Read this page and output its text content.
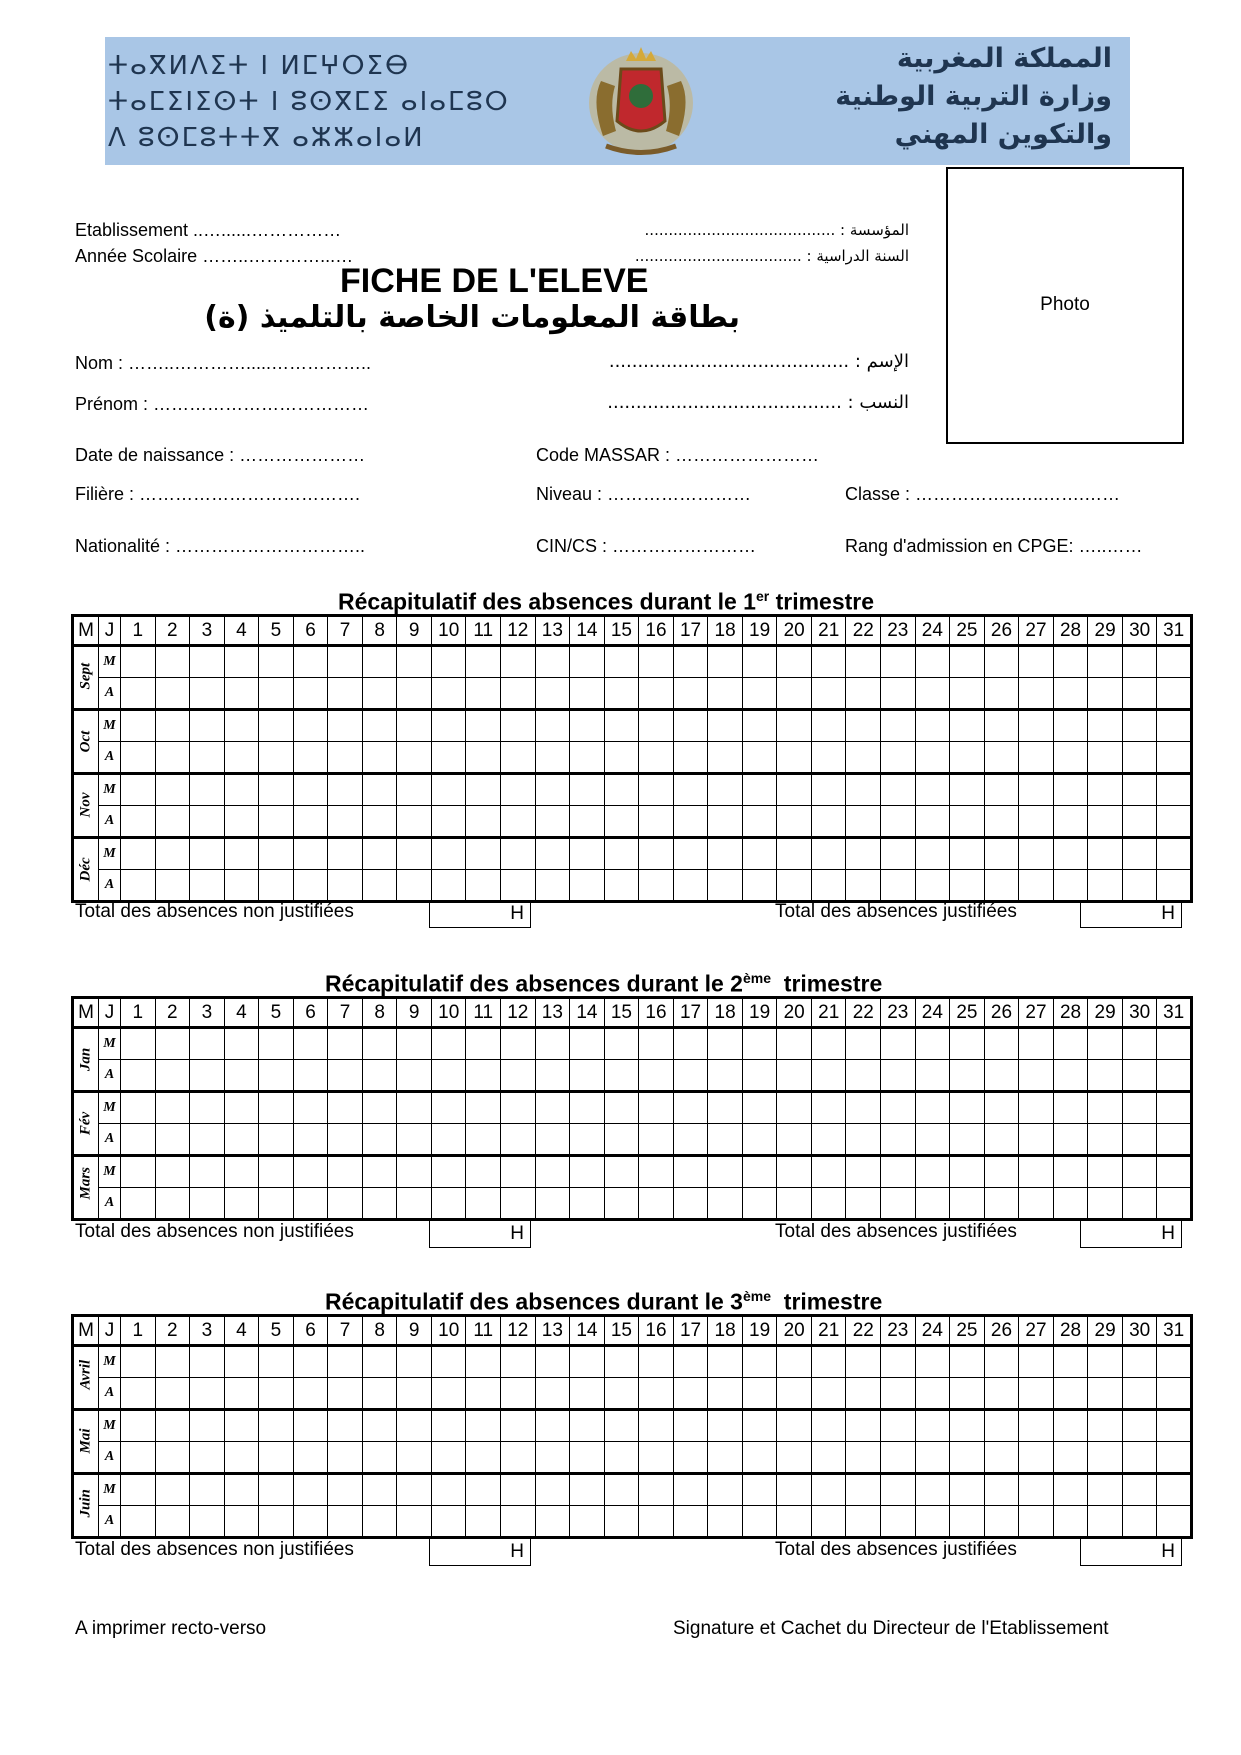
ⵜⴰⴳⵍⴷⵉⵜ ⵏ ⵍⵎⵖⵔⵉⴱ
ⵜⴰⵎⵉⵏⵉⵙⵜ ⵏ ⵓⵙⴳⵎⵉ ⴰⵏⴰⵎⵓⵔ
ⴷ ⵓⵙⵎⵓⵜⵜⴳ ⴰⵣⵣⴰⵏⴰⵍ
المملكة المغربية
وزارة التربية الوطنية
والتكوين المهني
Photo
Etablissement ..…......……………
Année Scolaire ……..…………...…
المؤسسة : ........................................
السنة الدراسية : ...................................
FICHE DE L'ELEVE
بطاقة المعلومات الخاصة بالتلميذ (ة)
Nom : ……..………….....……………..
Prénom : ………………………………
الإسم : ..........................................
النسب : .........................................
Date de naissance : …………………	Code MASSAR : ……………………
Filière : ……………………………….	Niveau : ……………………	Classe : ……………..…..…….……
Nationalité : …………………………..	CIN/CS : ……………………	Rang d'admission en CPGE: …..……
Récapitulatif des absences durant le 1er trimestre
M	J	1	2	3	4	5	6	7	8	9	10	11	12	13	14	15	16	17	18	19	20	21	22	23	24	25	26	27	28	29	30	31

Sept	M																															
	A																															

Oct	M																															
	A																															

Nov	M																															
	A																															

Déc	M																															
	A																															
Total des absences non justifiées	H	Total des absences justifiées	H
Récapitulatif des absences durant le 2ème  trimestre
M	J	1	2	3	4	5	6	7	8	9	10	11	12	13	14	15	16	17	18	19	20	21	22	23	24	25	26	27	28	29	30	31

Jan	M																															
	A																															

Fév	M																															
	A																															

Mars	M																															
	A																															
Total des absences non justifiées	H	Total des absences justifiées	H
Récapitulatif des absences durant le 3ème  trimestre
M	J	1	2	3	4	5	6	7	8	9	10	11	12	13	14	15	16	17	18	19	20	21	22	23	24	25	26	27	28	29	30	31

Avril	M																															
	A																															

Mai	M																															
	A																															

Juin	M																															
	A																															
Total des absences non justifiées	H	Total des absences justifiées	H
A imprimer recto-verso	Signature et Cachet du Directeur de l'Etablissement
